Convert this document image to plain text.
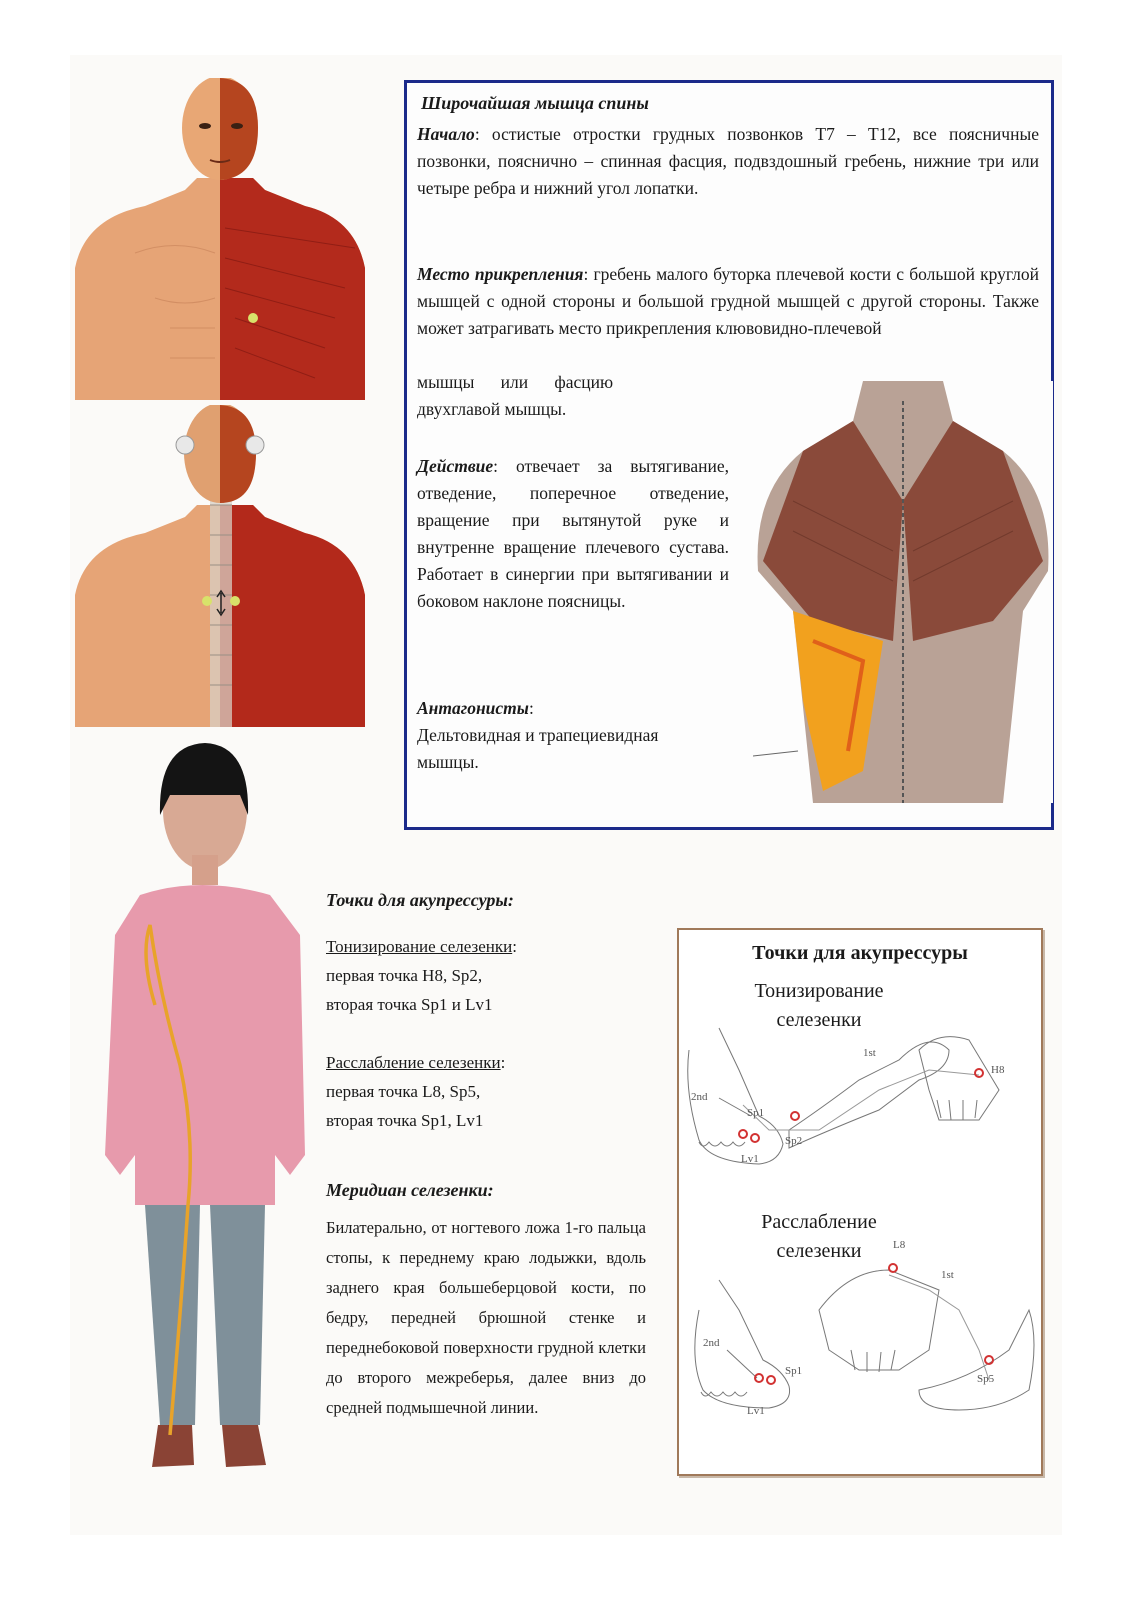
Широчайшая мышца спины
Начало: остистые отростки грудных позвонков Т7 – Т12, все поясничные позвонки, пояснично – спинная фасция, подвздошный гребень, нижние три или четыре ребра и нижний угол лопатки.
Место прикрепления: гребень малого буторка плечевой кости с большой круглой мышцей с одной стороны и большой грудной мышцей с другой стороны. Также может затрагивать место прикрепления клювовидно-плечевой
мышцы      или      фасцию
двухглавой мышцы.
Действие: отвечает за вытягивание, отведение, поперечное отведение, вращение при вытянутой руке и внутренне вращение плечевого сустава. Работает в синергии при вытягивании и боковом наклоне поясницы.
Антагонисты:
Дельтовидная и трапециевидная мышцы.
Точки для акупрессуры:
Тонизирование селезенки:
первая точка H8, Sp2,
вторая точка Sp1 и Lv1
Расслабление селезенки:
первая точка L8, Sp5,
вторая точка Sp1, Lv1
Меридиан селезенки:
Билатерально, от ногтевого ложа 1-го пальца стопы, к переднему краю лодыжки, вдоль заднего края большеберцовой кости, по бедру, передней брюшной стенке и переднебоковой поверхности грудной клетки до второго межреберья, далее вниз до средней подмышечной линии.
Точки для акупрессуры
Тонизирование
селезенки
Расслабление
селезенки
Sp1
Sp2
Lv1
2nd
1st
H8
L8
1st
2nd
Sp1
Sp5
Lv1
